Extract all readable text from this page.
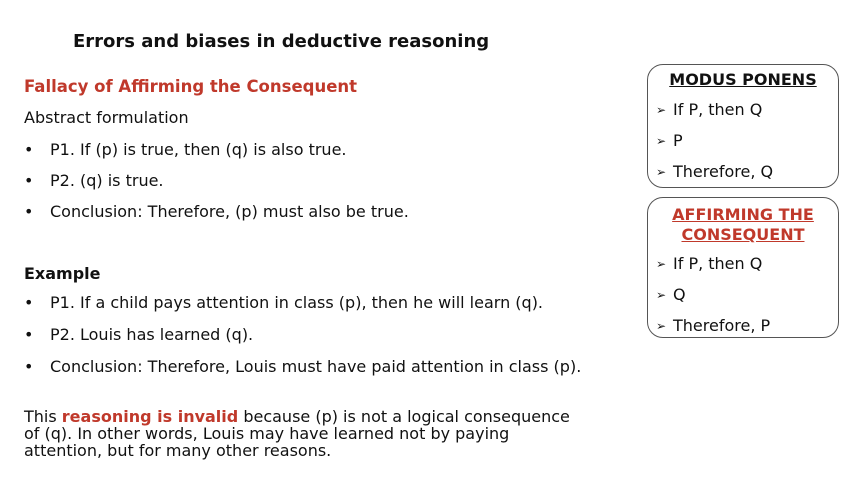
Errors and biases in deductive reasoning
Fallacy of Affirming the Consequent
Abstract formulation
• P1. If (p) is true, then (q) is also true.
• P2. (q) is true.
• Conclusion: Therefore, (p) must also be true.
Example
• P1. If a child pays attention in class (p), then he will learn (q).
• P2. Louis has learned (q).
• Conclusion: Therefore, Louis must have paid attention in class (p).
This reasoning is invalid because (p) is not a logical consequence of (q). In other words, Louis may have learned not by paying attention, but for many other reasons.
MODUS PONENS
➢ If P, then Q
➢ P
➢ Therefore, Q
AFFIRMING THE
CONSEQUENT
➢ If P, then Q
➢ Q
➢ Therefore, P
